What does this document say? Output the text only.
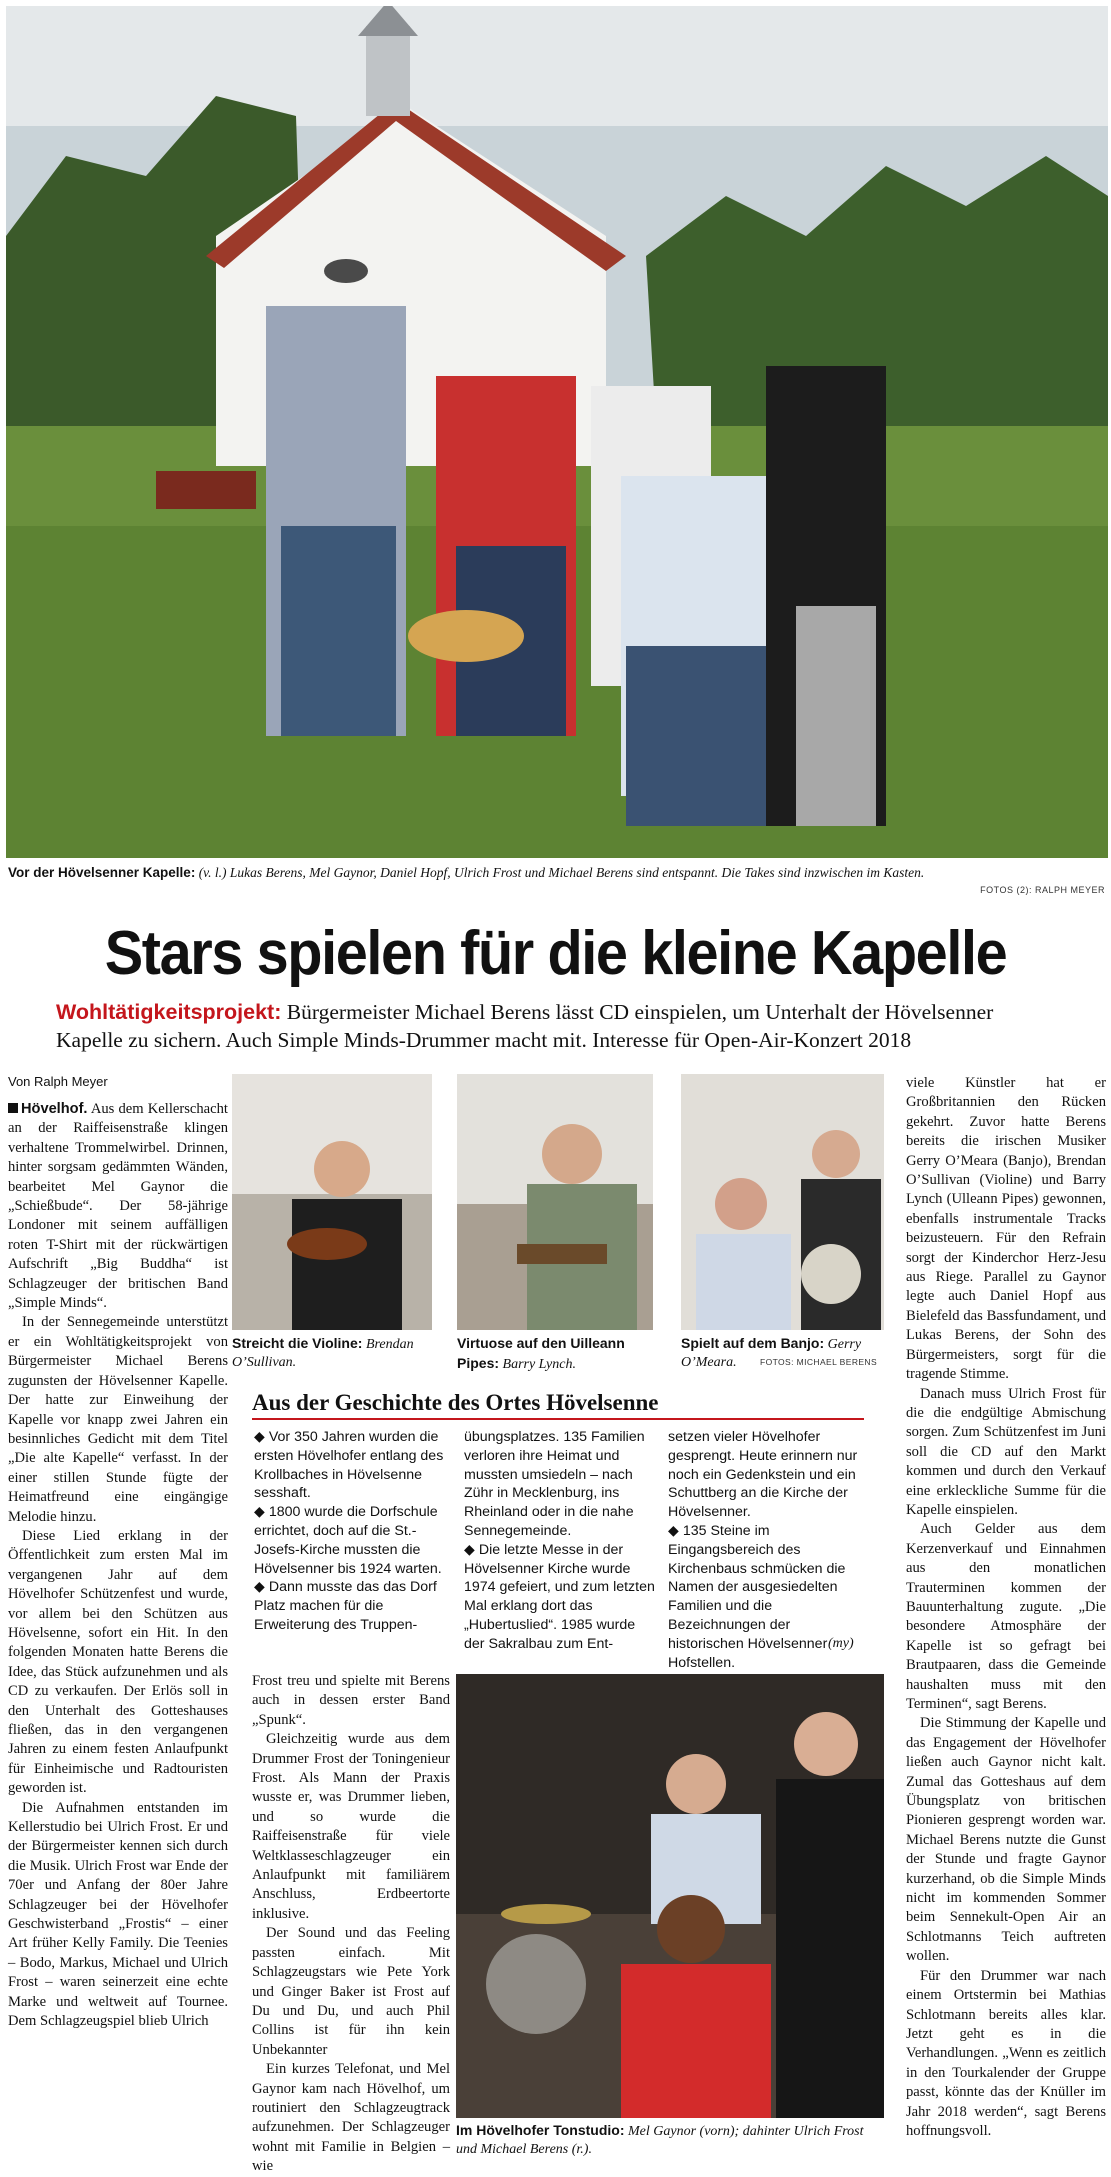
Vor der Hövelsenner Kapelle: (v. l.) Lukas Berens, Mel Gaynor, Daniel Hopf, Ulrich Frost und Michael Berens sind entspannt. Die Takes sind inzwischen im Kasten.
FOTOS (2): RALPH MEYER
Stars spielen für die kleine Kapelle
Wohltätigkeitsprojekt: Bürgermeister Michael Berens lässt CD einspielen, um Unterhalt der Hövelsenner Kapelle zu sichern. Auch Simple Minds-Drummer macht mit. Interesse für Open-Air-Konzert 2018
Von Ralph Meyer

Hövelhof. Aus dem Kellerschacht an der Raiffeisenstraße klingen verhaltene Trommelwirbel. Drinnen, hinter sorgsam gedämmten Wänden, bearbeitet Mel Gaynor die „Schießbude“. Der 58-jährige Londoner mit seinem auffälligen roten T-Shirt mit der rückwärtigen Aufschrift „Big Buddha“ ist Schlagzeuger der britischen Band „Simple Minds“.

In der Sennegemeinde unterstützt er ein Wohltätigkeitsprojekt von Bürgermeister Michael Berens zugunsten der Hövelsenner Kapelle. Der hatte zur Einweihung der Kapelle vor knapp zwei Jahren ein besinnliches Gedicht mit dem Titel „Die alte Kapelle“ verfasst. In der einer stillen Stunde fügte der Heimatfreund eine eingängige Melodie hinzu.

Diese Lied erklang in der Öffentlichkeit zum ersten Mal im vergangenen Jahr auf dem Hövelhofer Schützenfest und wurde, vor allem bei den Schützen aus Hövelsenne, sofort ein Hit. In den folgenden Monaten hatte Berens die Idee, das Stück aufzunehmen und als CD zu verkaufen. Der Erlös soll in den Unterhalt des Gotteshauses fließen, das in den vergangenen Jahren zu einem festen Anlaufpunkt für Einheimische und Radtouristen geworden ist.

Die Aufnahmen entstanden im Kellerstudio bei Ulrich Frost. Er und der Bürgermeister kennen sich durch die Musik. Ulrich Frost war Ende der 70er und Anfang der 80er Jahre Schlagzeuger bei der Hövelhofer Geschwisterband „Frostis“ – einer Art früher Kelly Family. Die Teenies – Bodo, Markus, Michael und Ulrich Frost – waren seinerzeit eine echte Marke und weltweit auf Tournee. Dem Schlagzeugspiel blieb Ulrich

Streicht die Violine: Brendan O’Sullivan.
Virtuose auf den Uilleann Pipes: Barry Lynch.
Spielt auf dem Banjo: Gerry O’Meara.	FOTOS: MICHAEL BERENS
Aus der Geschichte des Ortes Hövelsenne

◆ Vor 350 Jahren wurden die ersten Hövelhofer entlang des Krollbaches in Hövelsenne sesshaft.

◆ 1800 wurde die Dorfschule errichtet, doch auf die St.-Josefs-Kirche mussten die Hövelsenner bis 1924 warten.

◆ Dann musste das das Dorf Platz machen für die Erweiterung des Truppen-

übungsplatzes. 135 Familien verloren ihre Heimat und mussten umsiedeln – nach Zühr in Mecklenburg, ins Rheinland oder in die nahe Sennegemeinde.

◆ Die letzte Messe in der Hövelsenner Kirche wurde 1974 gefeiert, und zum letzten Mal erklang dort das „Hubertuslied“. 1985 wurde der Sakralbau zum Ent-

setzen vieler Hövelhofer gesprengt. Heute erinnern nur noch ein Gedenkstein und ein Schuttberg an die Kirche der Hövelsenner.

◆ 135 Steine im Eingangsbereich des Kirchenbaus schmücken die Namen der ausgesiedelten Familien und die Bezeichnungen der historischen Hövelsenner Hofstellen.

(my)

Frost treu und spielte mit Berens auch in dessen erster Band „Spunk“.

Gleichzeitig wurde aus dem Drummer Frost der Toningenieur Frost. Als Mann der Praxis wusste er, was Drummer lieben, und so wurde die Raiffeisenstraße für viele Weltklasseschlagzeuger ein Anlaufpunkt mit familiärem Anschluss, Erdbeertorte inklusive.

Der Sound und das Feeling passten einfach. Mit Schlagzeugstars wie Pete York und Ginger Baker ist Frost auf Du und Du, und auch Phil Collins ist für ihn kein Unbekannter

Ein kurzes Telefonat, und Mel Gaynor kam nach Hövelhof, um routiniert den Schlagzeugtrack aufzunehmen. Der Schlagzeuger wohnt mit Familie in Belgien – wie

Im Hövelhofer Tonstudio: Mel Gaynor (vorn); dahinter Ulrich Frost und Michael Berens (r.).

viele Künstler hat er Großbritannien den Rücken gekehrt. Zuvor hatte Berens bereits die irischen Musiker Gerry O’Meara (Banjo), Brendan O’Sullivan (Violine) und Barry Lynch (Ulleann Pipes) gewonnen, ebenfalls instrumentale Tracks beizusteuern. Für den Refrain sorgt der Kinderchor Herz-Jesu aus Riege. Parallel zu Gaynor legte auch Daniel Hopf aus Bielefeld das Bassfundament, und Lukas Berens, der Sohn des Bürgermeisters, sorgt für die tragende Stimme.

Danach muss Ulrich Frost für die die endgültige Abmischung sorgen. Zum Schützenfest im Juni soll die CD auf den Markt kommen und durch den Verkauf eine erkleckliche Summe für die Kapelle einspielen.

Auch Gelder aus dem Kerzenverkauf und Einnahmen aus den monatlichen Trauterminen kommen der Bauunterhaltung zugute. „Die besondere Atmosphäre der Kapelle ist so gefragt bei Brautpaaren, dass die Gemeinde haushalten muss mit den Terminen“, sagt Berens.

Die Stimmung der Kapelle und das Engagement der Hövelhofer ließen auch Gaynor nicht kalt. Zumal das Gotteshaus auf dem Übungsplatz von britischen Pionieren gesprengt worden war. Michael Berens nutzte die Gunst der Stunde und fragte Gaynor kurzerhand, ob die Simple Minds nicht im kommenden Sommer beim Sennekult-Open Air an Schlotmanns Teich auftreten wollen.

Für den Drummer war nach einem Ortstermin bei Mathias Schlotmann bereits alles klar. Jetzt geht es in die Verhandlungen. „Wenn es zeitlich in den Tourkalender der Gruppe passt, könnte das der Knüller im Jahr 2018 werden“, sagt Berens hoffnungsvoll.
